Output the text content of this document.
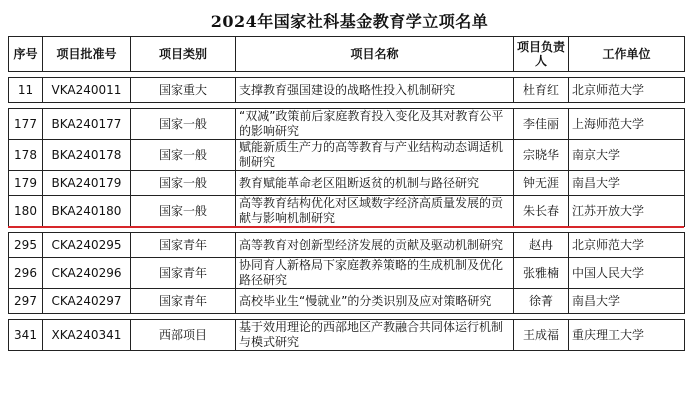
2024年国家社科基金教育学立项名单
序号	项目批准号	项目类别	项目名称	项目负责人	工作单位

11	VKA240011	国家重大	支撑教育强国建设的战略性投入机制研究	杜育红	北京师范大学

177	BKA240177	国家一般	“双减”政策前后家庭教育投入变化及其对教育公平的影响研究	李佳丽	上海师范大学
178	BKA240178	国家一般	赋能新质生产力的高等教育与产业结构动态调适机制研究	宗晓华	南京大学
179	BKA240179	国家一般	教育赋能革命老区阻断返贫的机制与路径研究	钟无涯	南昌大学
180	BKA240180	国家一般	高等教育结构优化对区域数字经济高质量发展的贡献与影响机制研究	朱长春	江苏开放大学

295	CKA240295	国家青年	高等教育对创新型经济发展的贡献及驱动机制研究	赵冉	北京师范大学
296	CKA240296	国家青年	协同育人新格局下家庭教养策略的生成机制及优化路径研究	张雅楠	中国人民大学
297	CKA240297	国家青年	高校毕业生“慢就业”的分类识别及应对策略研究	徐菁	南昌大学

341	XKA240341	西部项目	基于效用理论的西部地区产教融合共同体运行机制与模式研究	王成福	重庆理工大学
